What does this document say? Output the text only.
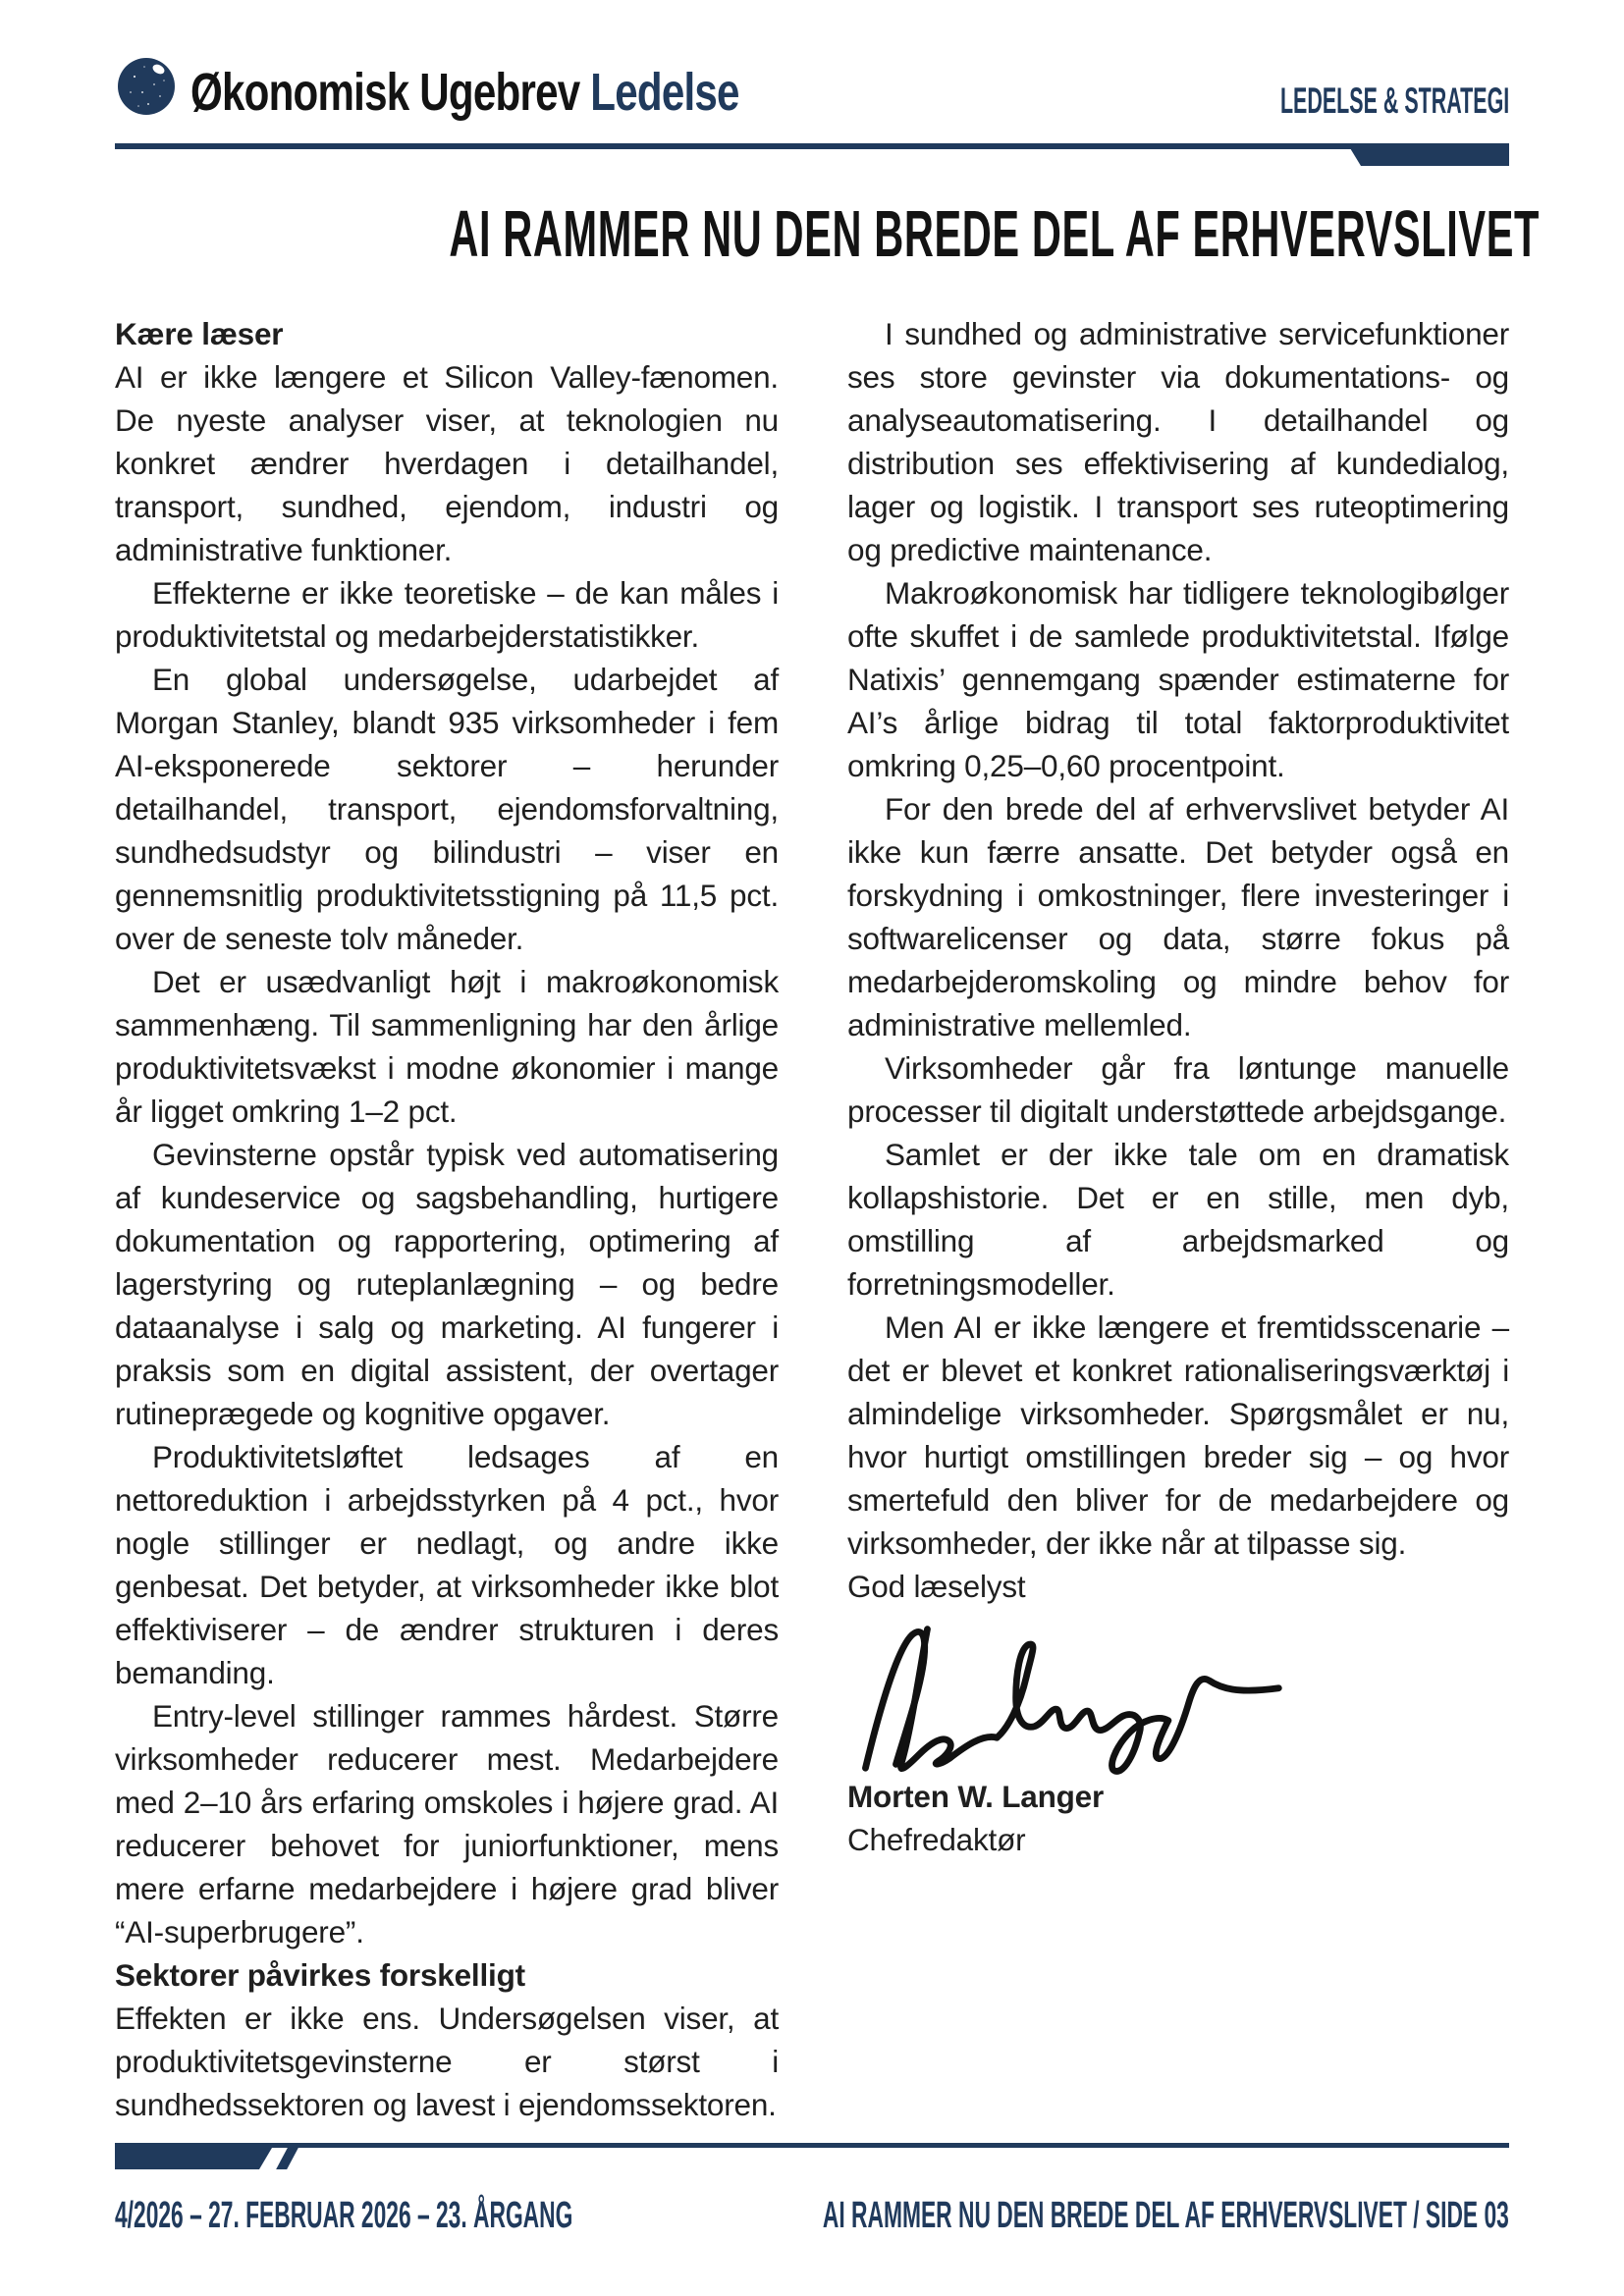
Økonomisk Ugebrev Ledelse	LEDELSE & STRATEGI
AI RAMMER NU DEN BREDE DEL AF ERHVERVSLIVET

Kære læser

AI er ikke længere et Silicon Valley-fænomen. De nyeste analyser viser, at teknologien nu konkret ændrer hverdagen i detailhandel, transport, sundhed, ejendom, industri og administrative funktioner.

Effekterne er ikke teoretiske – de kan måles i produktivitetstal og medarbejderstatistikker.

En global undersøgelse, udarbejdet af Morgan Stanley, blandt 935 virksomheder i fem AI-eksponerede sektorer – herunder detailhandel, transport, ejendomsforvaltning, sundhedsudstyr og bilindustri – viser en gennemsnitlig produktivitetsstigning på 11,5 pct. over de seneste tolv måneder.

Det er usædvanligt højt i makroøkonomisk sammenhæng. Til sammenligning har den årlige produktivitetsvækst i modne økonomier i mange år ligget omkring 1–2 pct.

Gevinsterne opstår typisk ved automatisering af kundeservice og sagsbehandling, hurtigere dokumentation og rapportering, optimering af lagerstyring og ruteplanlægning – og bedre dataanalyse i salg og marketing. AI fungerer i praksis som en digital assistent, der overtager rutineprægede og kognitive opgaver.

Produktivitetsløftet ledsages af en nettoreduktion i arbejdsstyrken på 4 pct., hvor nogle stillinger er nedlagt, og andre ikke genbesat. Det betyder, at virksomheder ikke blot effektiviserer – de ændrer strukturen i deres bemanding.

Entry-level stillinger rammes hårdest. Større virksomheder reducerer mest. Medarbejdere med 2–10 års erfaring omskoles i højere grad. AI reducerer behovet for juniorfunktioner, mens mere erfarne medarbejdere i højere grad bliver “AI-superbrugere”.

Sektorer påvirkes forskelligt

Effekten er ikke ens. Undersøgelsen viser, at produktivitetsgevinsterne er størst i sundhedssektoren og lavest i ejendomssektoren.

I sundhed og administrative servicefunktioner ses store gevinster via dokumentations- og analyseautomatisering. I detailhandel og distribution ses effektivisering af kundedialog, lager og logistik. I transport ses ruteoptimering og predictive maintenance.

Makroøkonomisk har tidligere teknologibølger ofte skuffet i de samlede produktivitetstal. Ifølge Natixis’ gennemgang spænder estimaterne for AI’s årlige bidrag til total faktorproduktivitet omkring 0,25–0,60 procentpoint.

For den brede del af erhvervslivet betyder AI ikke kun færre ansatte. Det betyder også en forskydning i omkostninger, flere investeringer i softwarelicenser og data, større fokus på medarbejderomskoling og mindre behov for administrative mellemled.

Virksomheder går fra løntunge manuelle processer til digitalt understøttede arbejdsgange.

Samlet er der ikke tale om en dramatisk kollapshistorie. Det er en stille, men dyb, omstilling af arbejdsmarked og forretningsmodeller.

Men AI er ikke længere et fremtidsscenarie – det er blevet et konkret rationaliseringsværktøj i almindelige virksomheder. Spørgsmålet er nu, hvor hurtigt omstillingen breder sig – og hvor smertefuld den bliver for de medarbejdere og virksomheder, der ikke når at tilpasse sig.

God læselyst

Morten W. Langer

Chefredaktør

4/2026 – 27. FEBRUAR 2026 – 23. ÅRGANG	AI RAMMER NU DEN BREDE DEL AF ERHVERVSLIVET / SIDE 03
